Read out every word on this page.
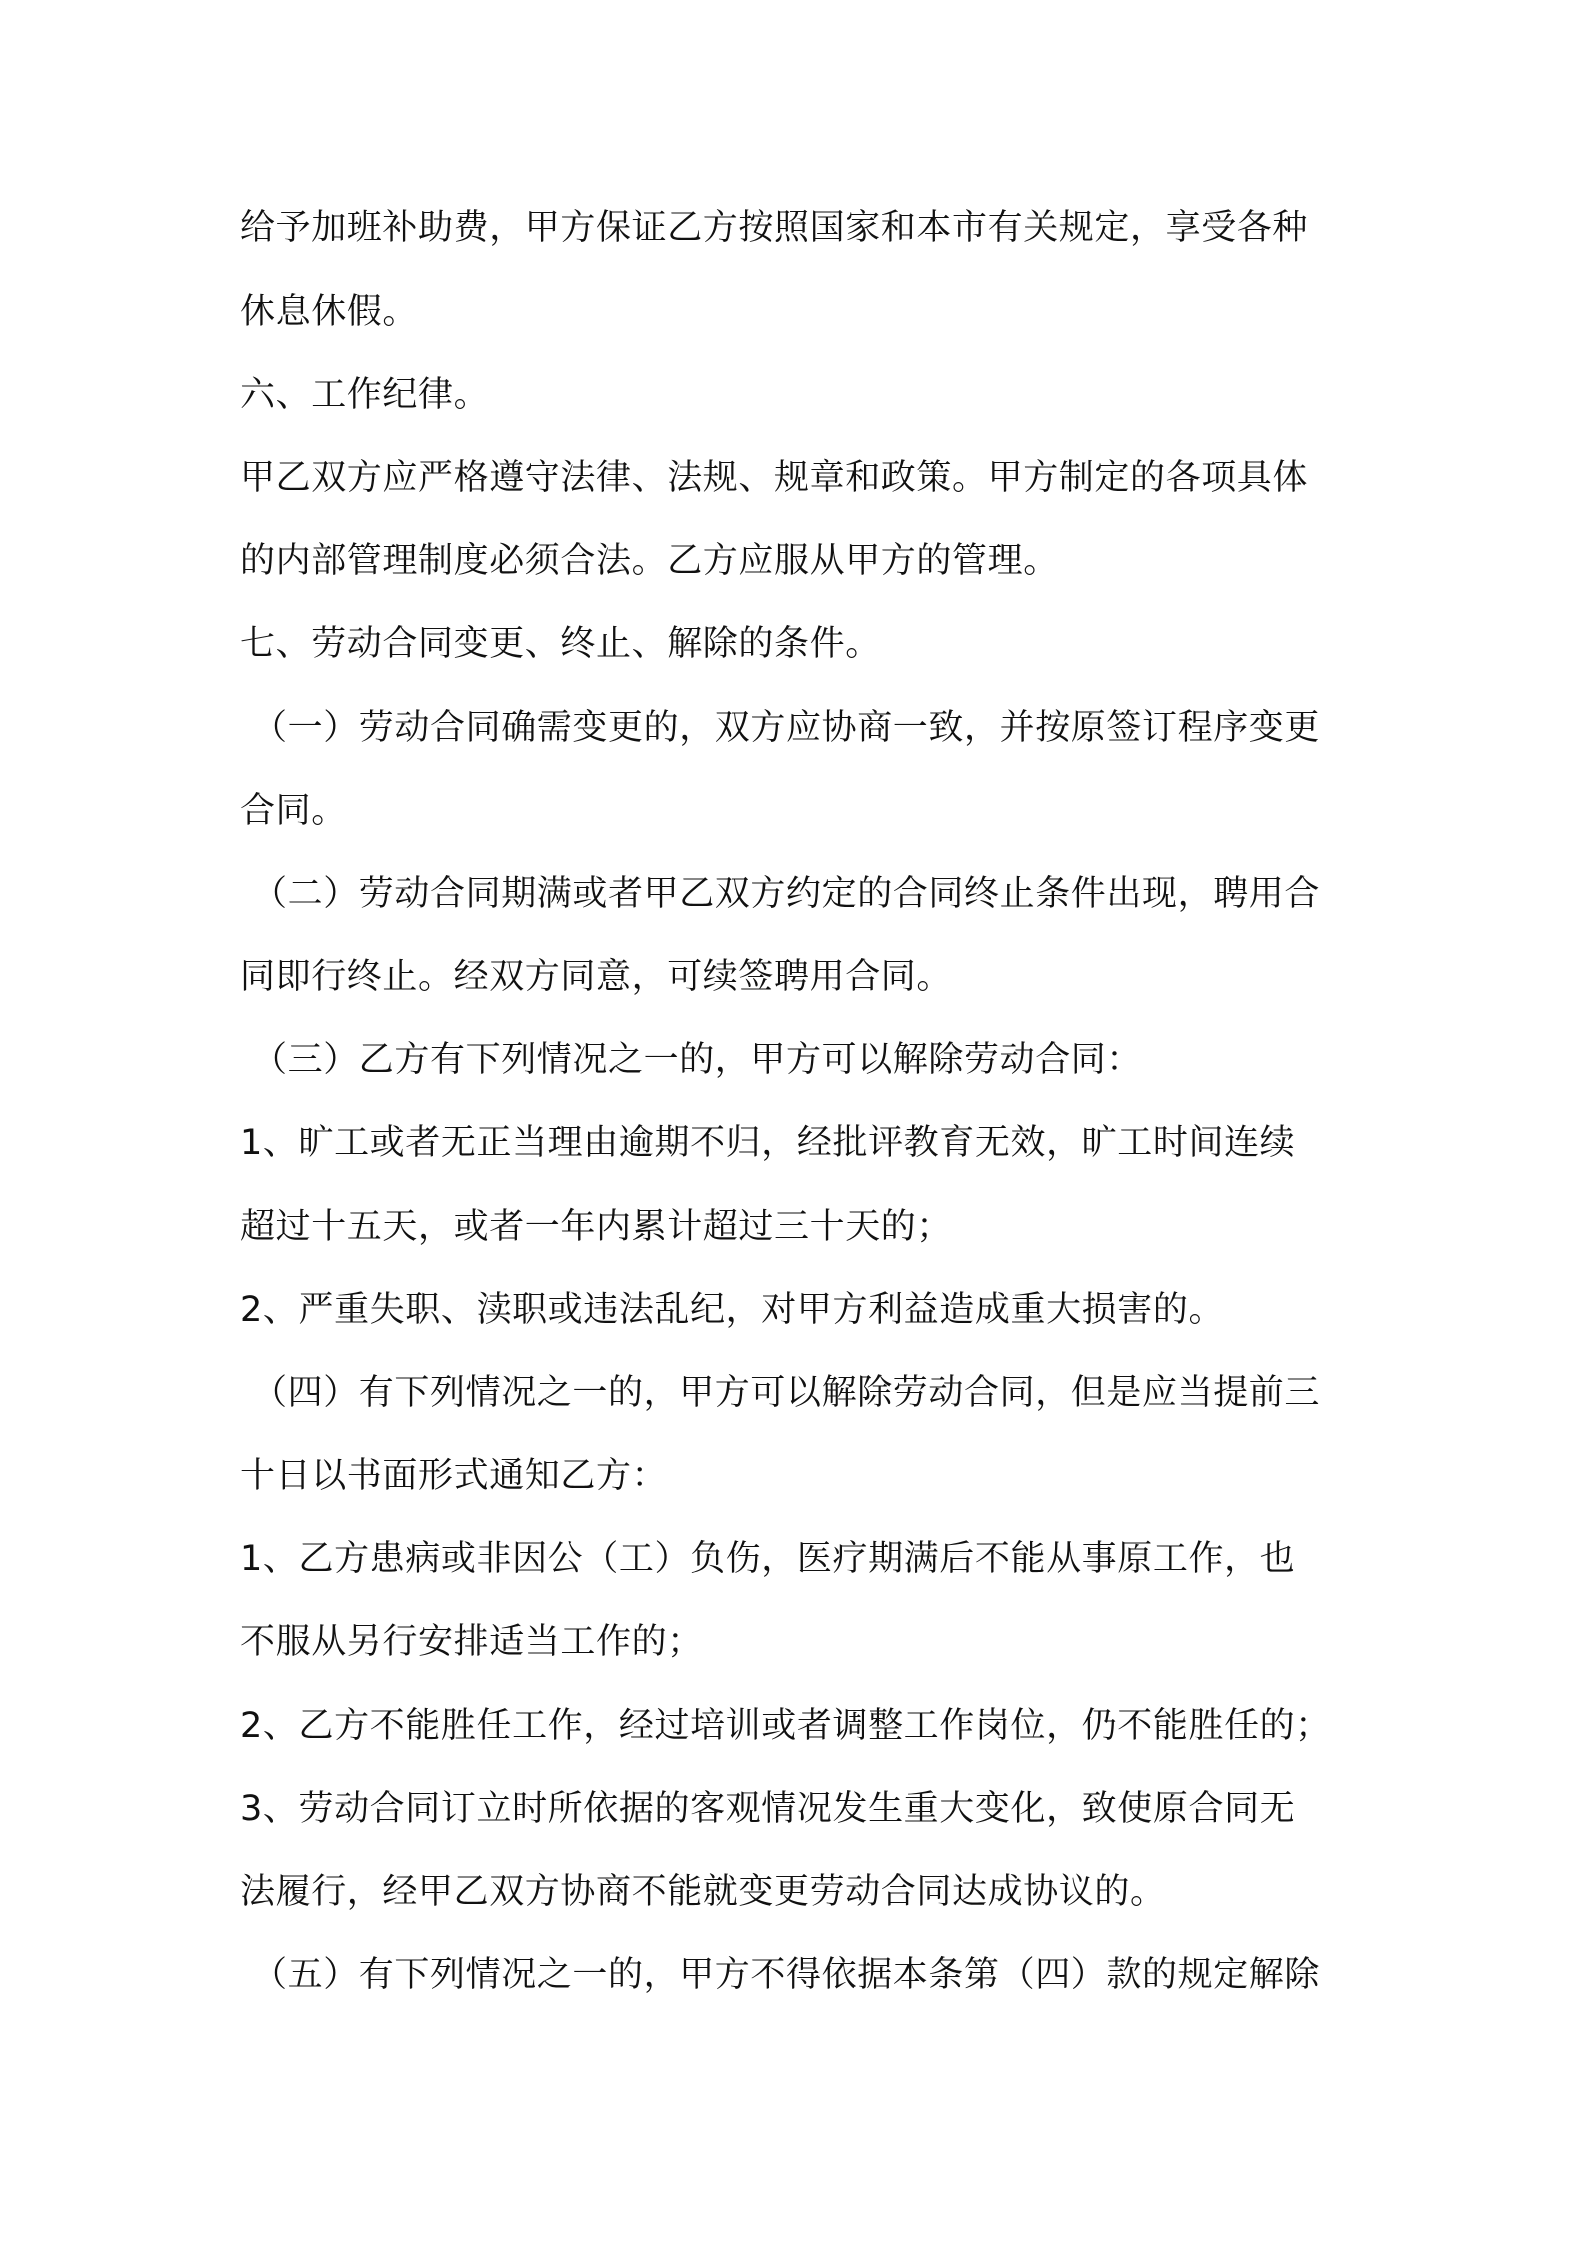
给予加班补助费，甲方保证乙方按照国家和本市有关规定，享受各种
休息休假。
六、工作纪律。
甲乙双方应严格遵守法律、法规、规章和政策。甲方制定的各项具体
的内部管理制度必须合法。乙方应服从甲方的管理。
七、劳动合同变更、终止、解除的条件。
（一）劳动合同确需变更的，双方应协商一致，并按原签订程序变更
合同。
（二）劳动合同期满或者甲乙双方约定的合同终止条件出现，聘用合
同即行终止。经双方同意，可续签聘用合同。
（三）乙方有下列情况之一的，甲方可以解除劳动合同：
1、旷工或者无正当理由逾期不归，经批评教育无效，旷工时间连续
超过十五天，或者一年内累计超过三十天的；
2、严重失职、渎职或违法乱纪，对甲方利益造成重大损害的。
（四）有下列情况之一的，甲方可以解除劳动合同，但是应当提前三
十日以书面形式通知乙方：
1、乙方患病或非因公（工）负伤，医疗期满后不能从事原工作，也
不服从另行安排适当工作的；
2、乙方不能胜任工作，经过培训或者调整工作岗位，仍不能胜任的；
3、劳动合同订立时所依据的客观情况发生重大变化，致使原合同无
法履行，经甲乙双方协商不能就变更劳动合同达成协议的。
（五）有下列情况之一的，甲方不得依据本条第（四）款的规定解除
